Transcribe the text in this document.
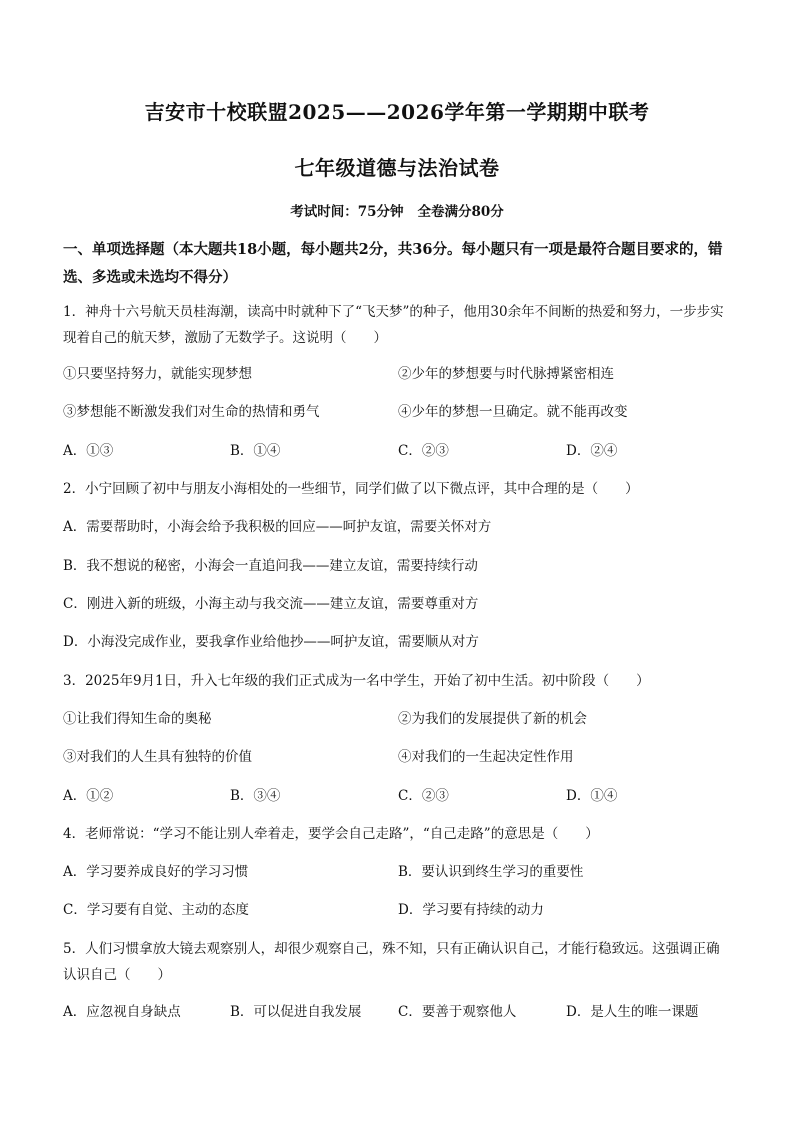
吉安市十校联盟2025——2026学年第一学期期中联考
七年级道德与法治试卷
考试时间：75分钟 全卷满分80分
一、单项选择题（本大题共18小题，每小题共2分，共36分。每小题只有一项是最符合题目要求的，错选、多选或未选均不得分）
1．神舟十六号航天员桂海潮，读高中时就种下了“飞天梦”的种子，他用30余年不间断的热爱和努力，一步步实现着自己的航天梦，激励了无数学子。这说明（　　）
①只要坚持努力，就能实现梦想	②少年的梦想要与时代脉搏紧密相连
③梦想能不断激发我们对生命的热情和勇气	④少年的梦想一旦确定。就不能再改变
A．①③	B．①④	C．②③	D．②④
2．小宁回顾了初中与朋友小海相处的一些细节，同学们做了以下微点评，其中合理的是（　　）
A．需要帮助时，小海会给予我积极的回应——呵护友谊，需要关怀对方
B．我不想说的秘密，小海会一直追问我——建立友谊，需要持续行动
C．刚进入新的班级，小海主动与我交流——建立友谊，需要尊重对方
D．小海没完成作业，要我拿作业给他抄——呵护友谊，需要顺从对方
3．2025年9月1日，升入七年级的我们正式成为一名中学生，开始了初中生活。初中阶段（　　）
①让我们得知生命的奥秘	②为我们的发展提供了新的机会
③对我们的人生具有独特的价值	④对我们的一生起决定性作用
A．①②	B．③④	C．②③	D．①④
4．老师常说：“学习不能让别人牵着走，要学会自己走路”，“自己走路”的意思是（　　）
A．学习要养成良好的学习习惯	B．要认识到终生学习的重要性
C．学习要有自觉、主动的态度	D．学习要有持续的动力
5．人们习惯拿放大镜去观察别人，却很少观察自己，殊不知，只有正确认识自己，才能行稳致远。这强调正确认识自己（　　）
A．应忽视自身缺点	B．可以促进自我发展	C．要善于观察他人	D．是人生的唯一课题
